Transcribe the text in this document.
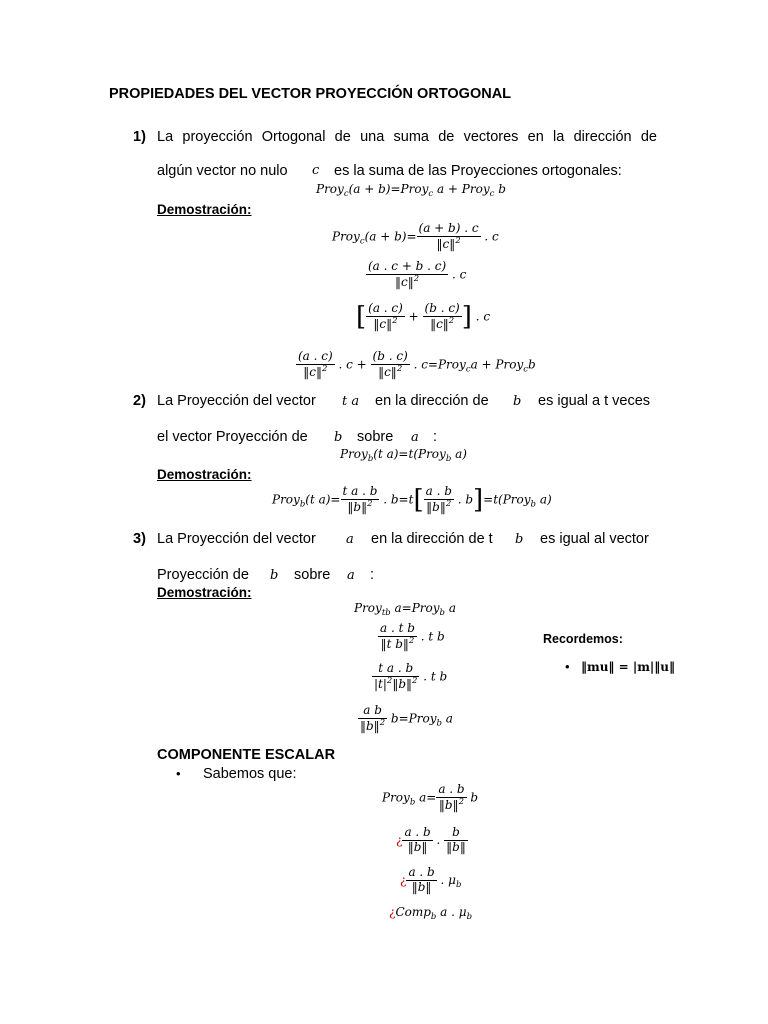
PROPIEDADES DEL VECTOR PROYECCIÓN ORTOGONAL
1) La proyección Ortogonal de una suma de vectores en la dirección de
algún vector no nulo c es la suma de las Proyecciones ortogonales:
Proy$_c$(a + b)=Proy$_c$ a + Proy$_c$ b
Demostración:
Proy$_c$(a + $b)= \frac{(a + b) . c}{‖c‖^2}$ . c
$\frac{(a . c + b . c)}{‖c‖^2}$ . c
[ $\frac{(a . c)}{‖c‖^2} + \frac{(b . c)}{‖c‖^2}$ ] . c
$\frac{(a . c)}{‖c‖^2}$ . $c + \frac{(b . c)}{‖c‖^2}$ . c=Proy$_c$a + Proy$_c$b
2) La Proyección del vector t a en la dirección de b es igual a t veces
el vector Proyección de b sobre a :
Proy$_b$(t a)=t(Proy$_b$ a)
Demostración:
Proy$_b$(t $a)= \frac{\text{t a . b}}{‖b‖^2}$ . $b=t[ \frac{a . b}{‖b‖^2}$ . b]=t(Proy$_b$ a)
3) La Proyección del vector a en la dirección de t b es igual al vector
Proyección de b sobre a :
Demostración:
Proy$_{tb}$ a=Proy$_b$ a
$\frac{\text{a . t b}}{‖t b‖^2}$ . t b
$\frac{\text{t a . b}}{|t|^2‖b‖^2}$ . t b
$\frac{\text{a b}}{‖b‖^2}$ b=Proy$_b$ a
Recordemos:
• ‖mu‖ = |m|‖u‖
COMPONENTE ESCALAR
• Sabemos que:
Proy$_b$ $a= \frac{a . b}{‖b‖^2}$ b
¿ $\frac{a . b}{‖b‖}$ . $\frac{b}{‖b‖}$
¿ $\frac{a . b}{‖b‖}$ . $\mu_b$
¿Comp$_b$ a . $\mu_b$
